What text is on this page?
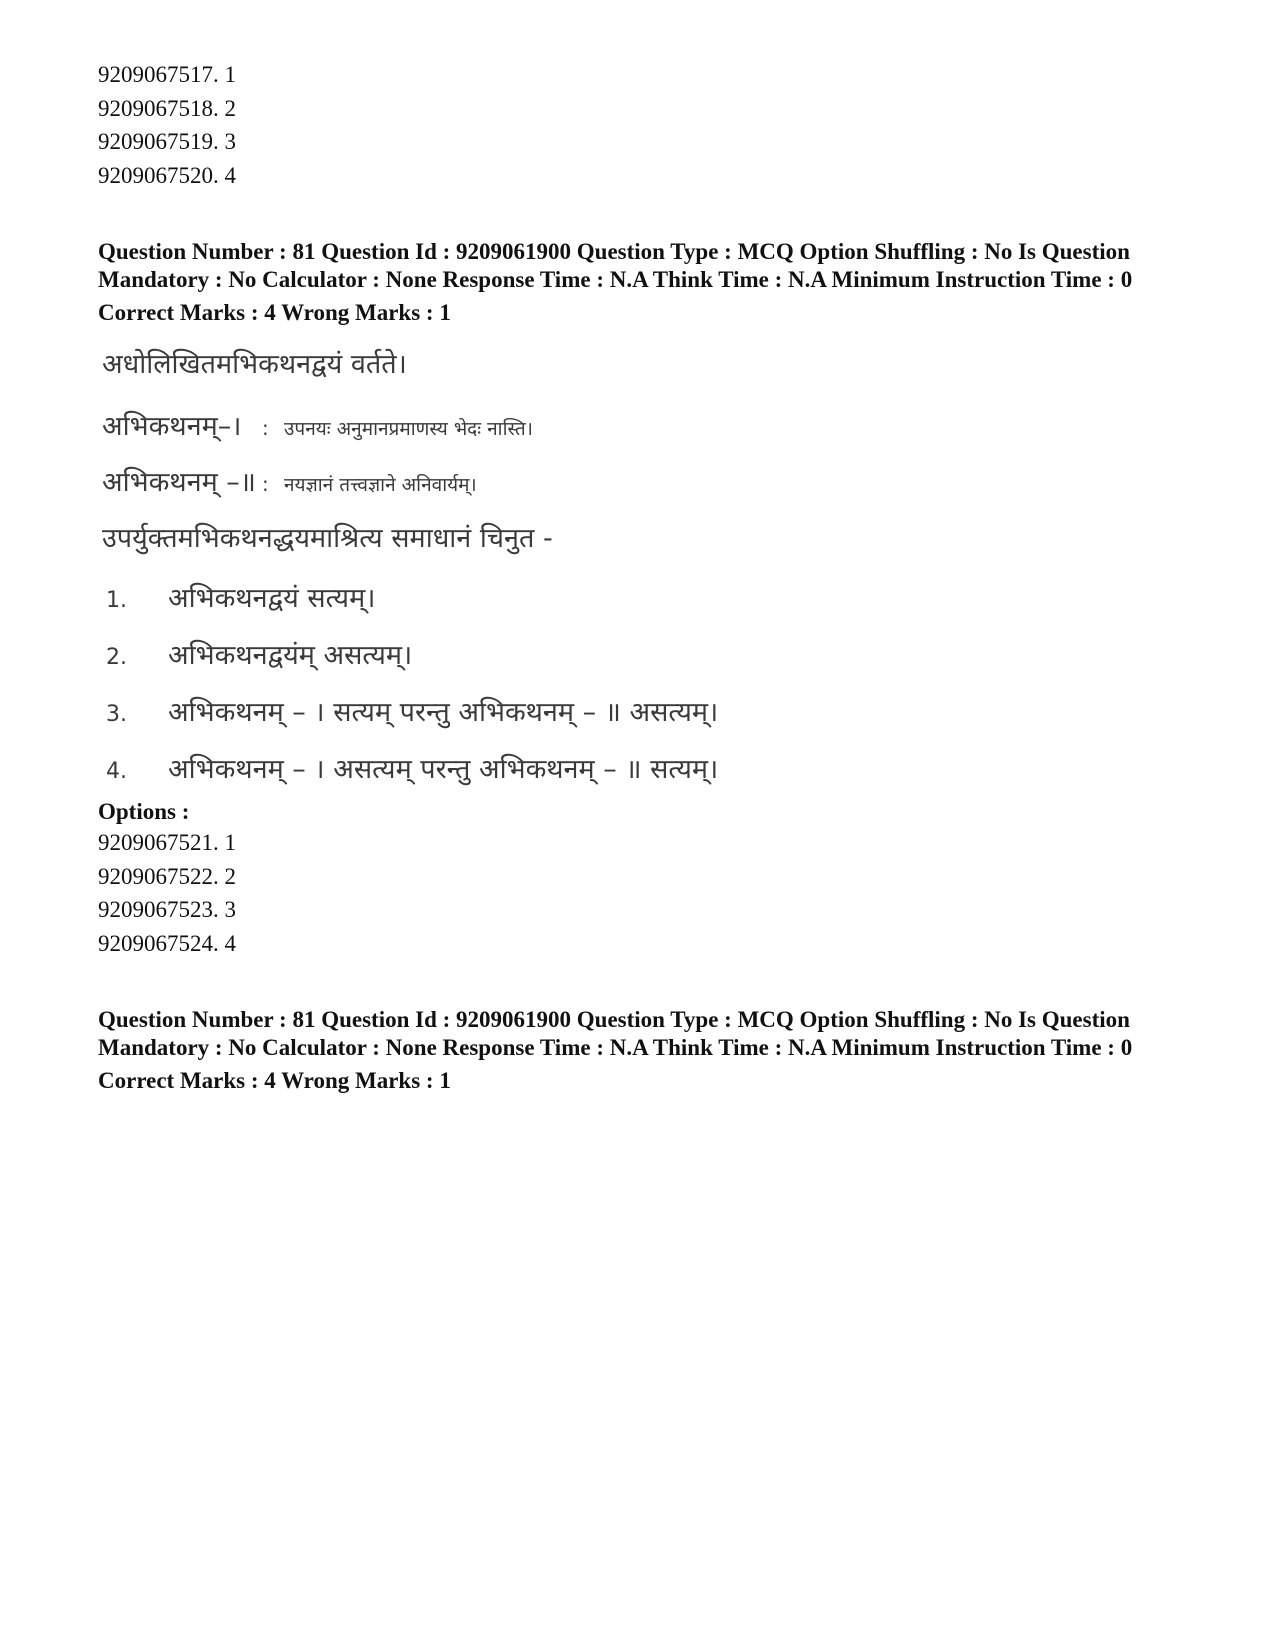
9209067517. 1
9209067518. 2
9209067519. 3
9209067520. 4
Question Number : 81 Question Id : 9209061900 Question Type : MCQ Option Shuffling : No Is Question Mandatory : No Calculator : None Response Time : N.A Think Time : N.A Minimum Instruction Time : 0
Correct Marks : 4 Wrong Marks : 1
अधोलिखितमभिकथनद्वयं वर्तते।
अभिकथनम्–। : उपनयः अनुमानप्रमाणस्य भेदः नास्ति।
अभिकथनम् –॥ : नयज्ञानं तत्त्वज्ञाने अनिवार्यम्।
उपर्युक्तमभिकथनद्धयमाश्रित्य समाधानं चिनुत -
1. अभिकथनद्वयं सत्यम्।
2. अभिकथनद्वयंम् असत्यम्।
3. अभिकथनम् – । सत्यम् परन्तु अभिकथनम् – ॥ असत्यम्।
4. अभिकथनम् – । असत्यम् परन्तु अभिकथनम् – ॥ सत्यम्।
Options :
9209067521. 1
9209067522. 2
9209067523. 3
9209067524. 4
Question Number : 81 Question Id : 9209061900 Question Type : MCQ Option Shuffling : No Is Question Mandatory : No Calculator : None Response Time : N.A Think Time : N.A Minimum Instruction Time : 0
Correct Marks : 4 Wrong Marks : 1
